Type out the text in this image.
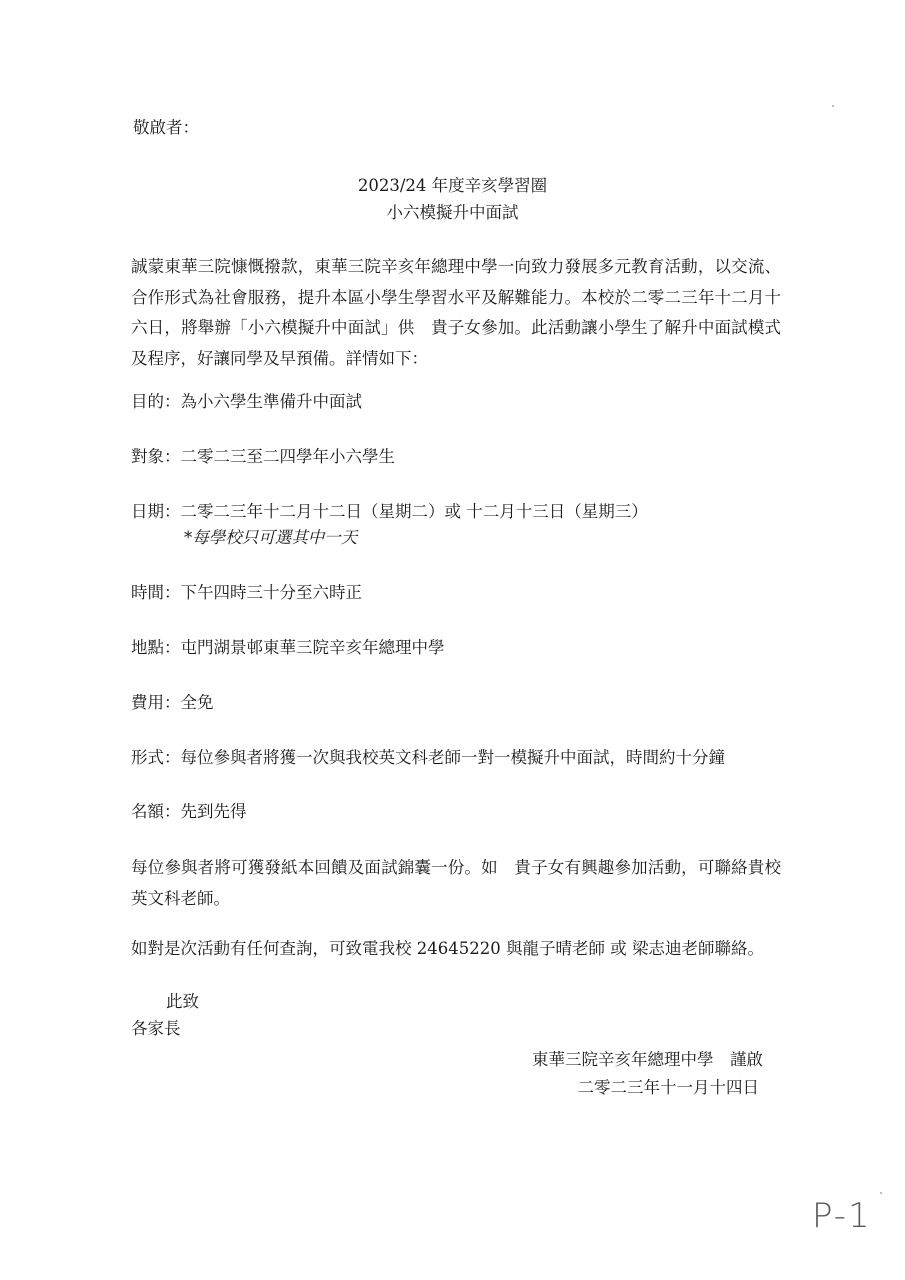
敬啟者：
2023/24 年度辛亥學習圈
小六模擬升中面試
誠蒙東華三院慷慨撥款，東華三院辛亥年總理中學一向致力發展多元教育活動，以交流、合作形式為社會服務，提升本區小學生學習水平及解難能力。本校於二零二三年十二月十六日，將舉辦「小六模擬升中面試」供　貴子女參加。此活動讓小學生了解升中面試模式及程序，好讓同學及早預備。詳情如下：
目的：為小六學生準備升中面試
對象：二零二三至二四學年小六學生
日期：二零二三年十二月十二日（星期二）或 十二月十三日（星期三）
*每學校只可選其中一天
時間：下午四時三十分至六時正
地點：屯門湖景邨東華三院辛亥年總理中學
費用：全免
形式：每位參與者將獲一次與我校英文科老師一對一模擬升中面試，時間約十分鐘
名額：先到先得
每位參與者將可獲發紙本回饋及面試錦囊一份。如　貴子女有興趣參加活動，可聯絡貴校英文科老師。
如對是次活動有任何查詢，可致電我校 24645220 與龍子晴老師 或 梁志迪老師聯絡。
此致
各家長
東華三院辛亥年總理中學　謹啟
二零二三年十一月十四日
P-1
